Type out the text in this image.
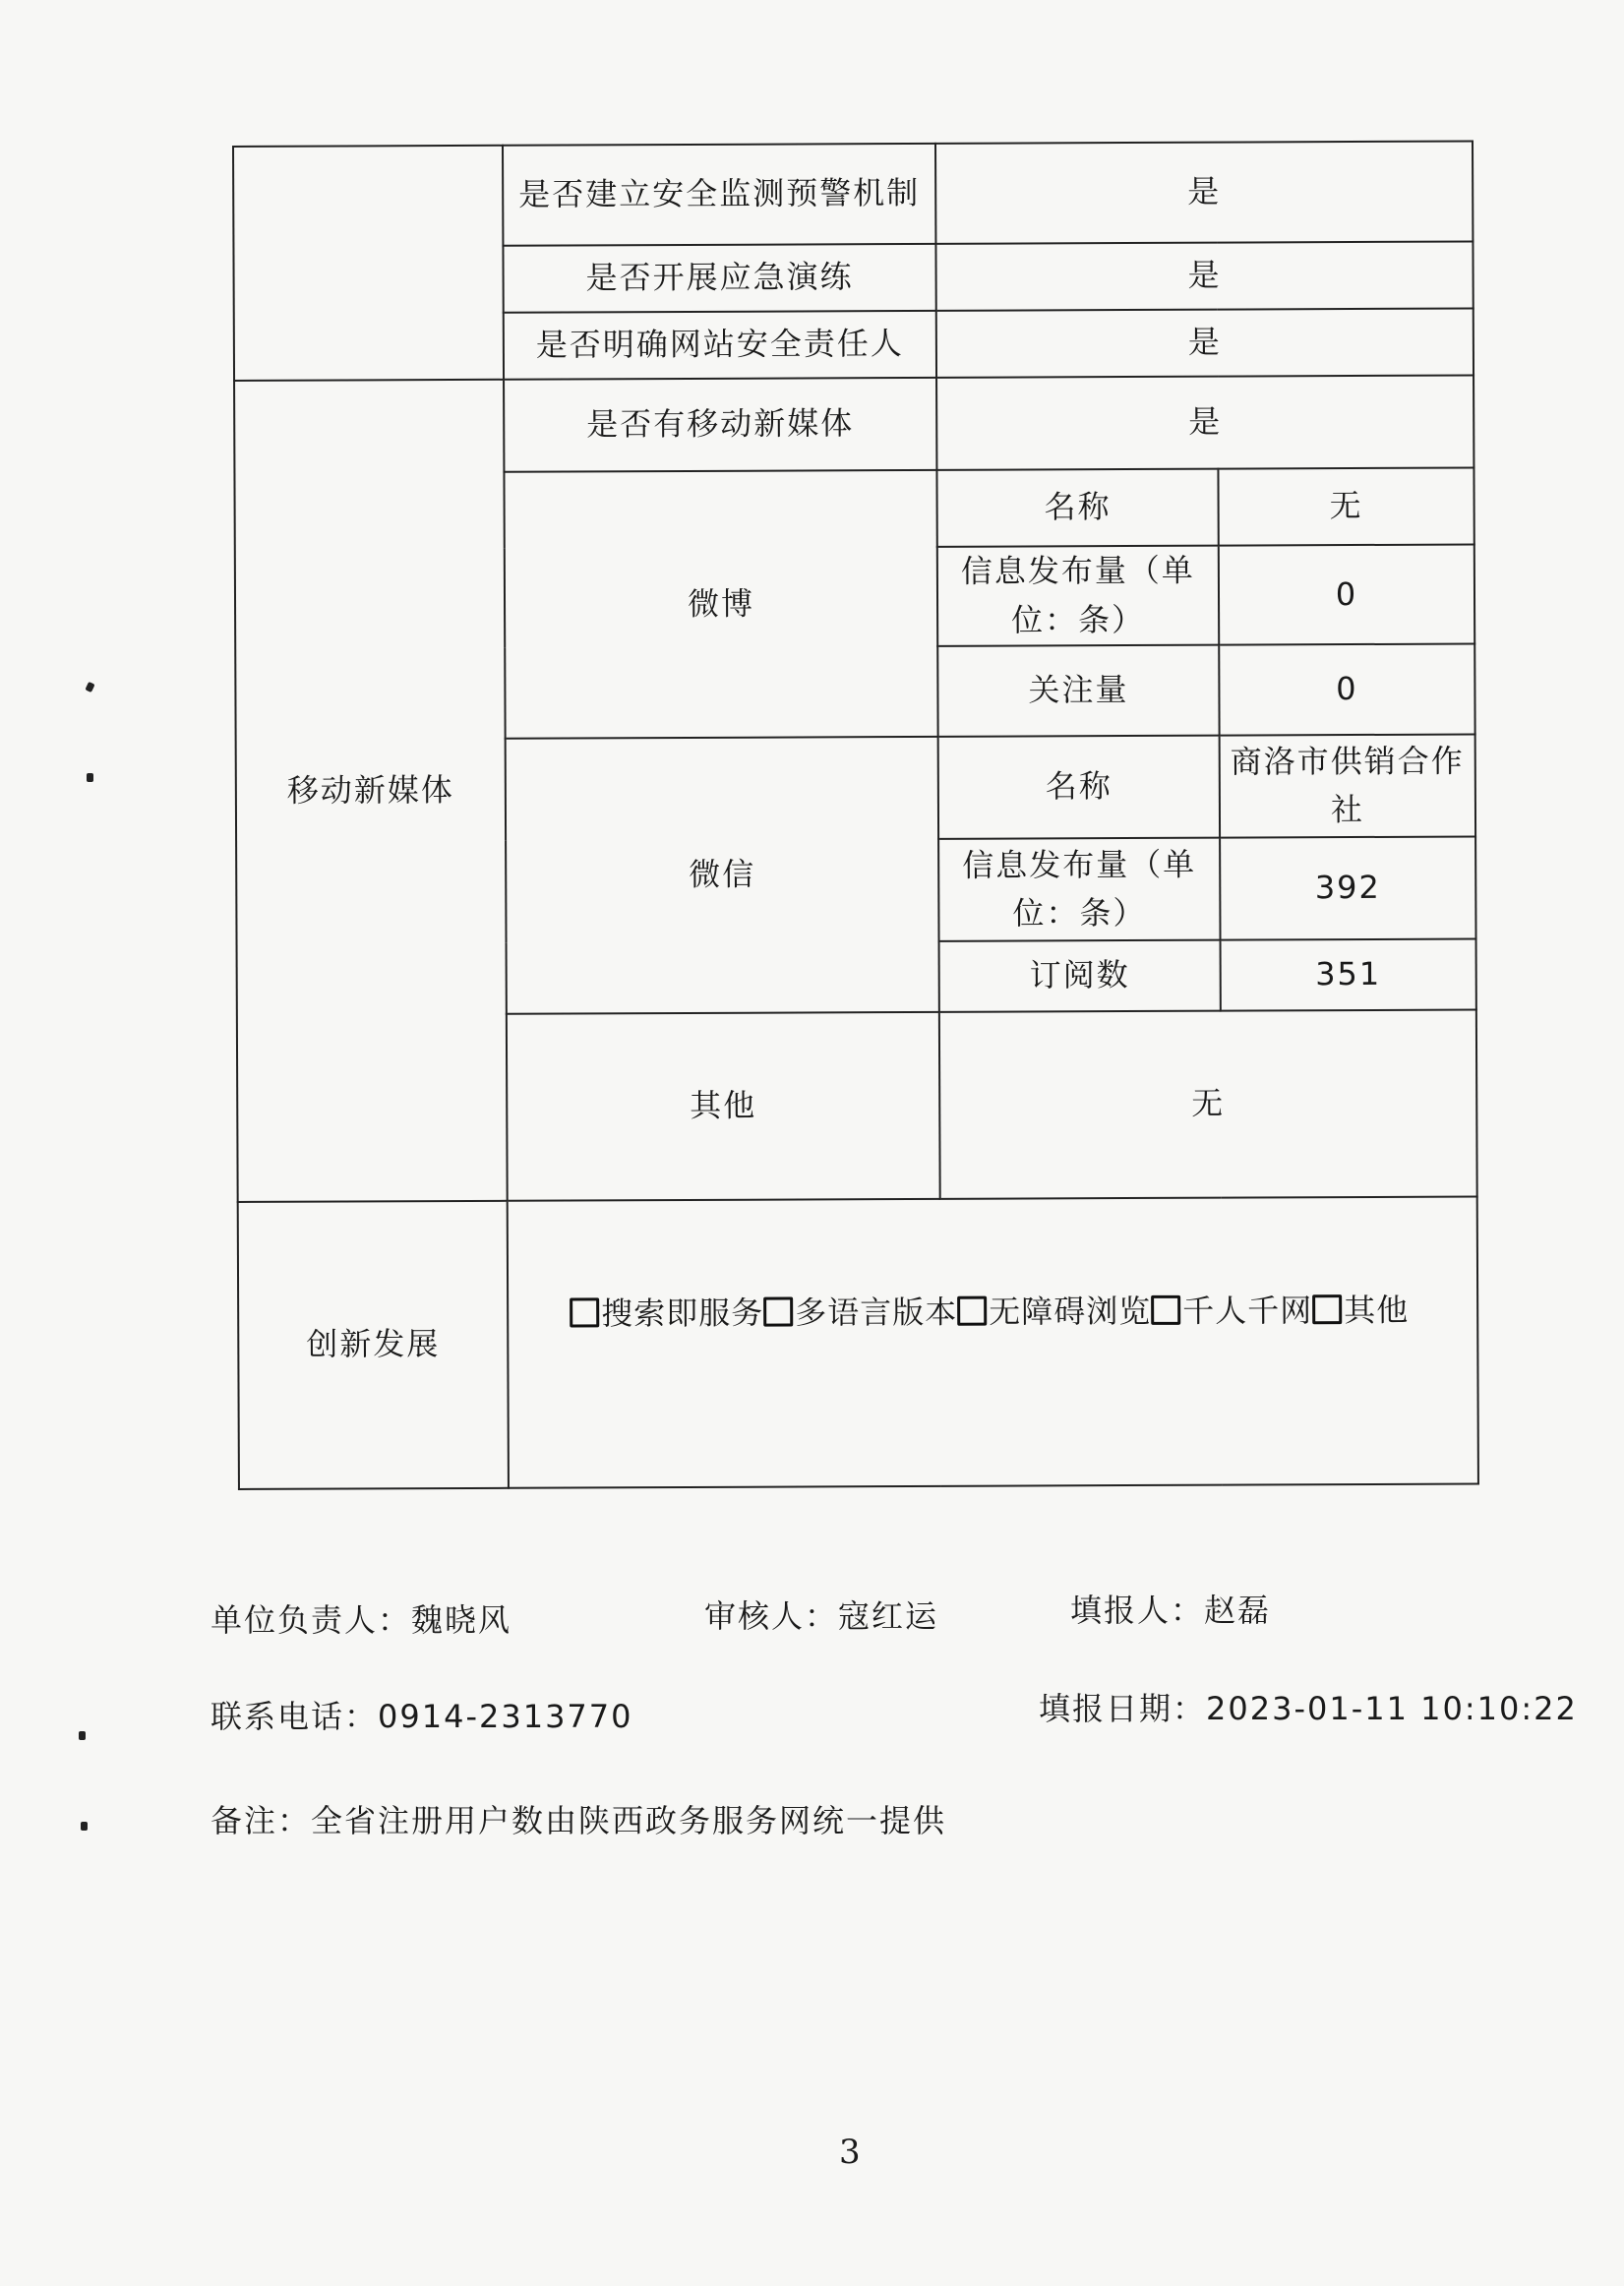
	是否建立安全监测预警机制	是	
	是否开展应急演练	是	
	是否明确网站安全责任人	是	
移动新媒体	是否有移动新媒体	是	
	微博	名称	无
		信息发布量（单位：条）	0
		关注量	0
	微信	名称	商洛市供销合作社
		信息发布量（单位：条）	392
		订阅数	351
	其他	无	
创新发展	搜索即服务 多语言版本 无障碍浏览 千人千网 其他		
单位负责人：魏晓风	审核人：寇红运	填报人：赵磊
联系电话：0914-2313770	填报日期：2023-01-11 10:10:22
备注：全省注册用户数由陕西政务服务网统一提供
3
